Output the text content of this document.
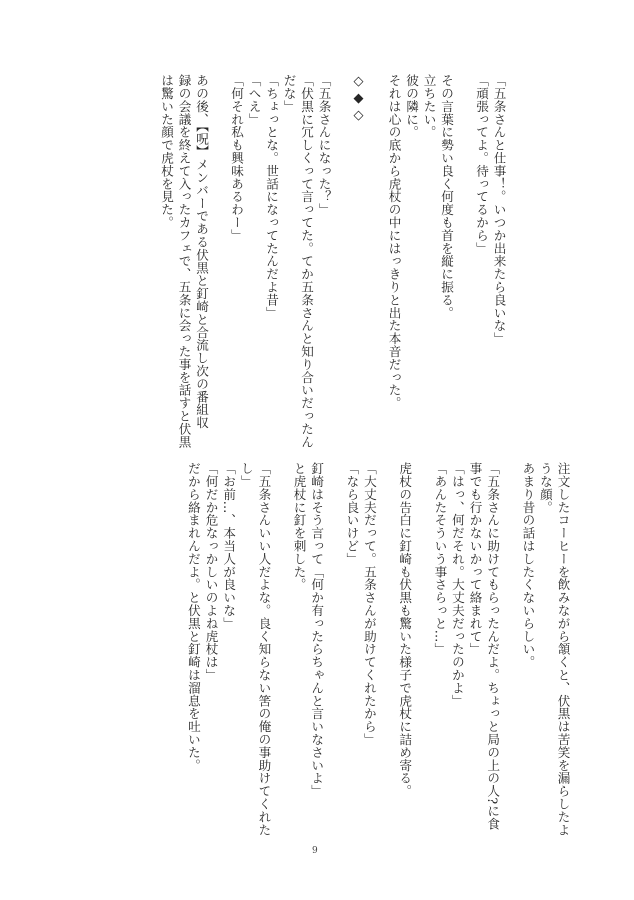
「五条さんと仕事！。いつか出来たら良いな」
「頑張ってよ。待ってるから」
その言葉に勢い良く何度も首を縦に振る。
立ちたい。
彼の隣に。
それは心の底から虎杖の中にはっきりと出た本音だった。
◇◆◇
「五条さんになった？」
「伏黒に冗しくって言ってた。てか五条さんと知り合いだったん
だな」
「ちょっとな。世話になってたんだよ昔」
「へえ」
「何それ私も興味あるわー」
あの後、【呪】メンバーである伏黒と釘崎と合流し次の番組収
録の会議を終えて入ったカフェで、五条に会った事を話すと伏黒
は驚いた顔で虎杖を見た。
注文したコーヒーを飲みながら頷くと、伏黒は苦笑を漏らしたよ
うな顔。
あまり昔の話はしたくないらしい。
「五条さんに助けてもらったんだよ。ちょっと局の上の人?に食
事でも行かないかって絡まれて」
「はっ、何だそれ。大丈夫だったのかよ」
「あんたそういう事さらっと…」
虎杖の告白に釘崎も伏黒も驚いた様子で虎杖に詰め寄る。
「大丈夫だって。五条さんが助けてくれたから」
「なら良いけど」
釘崎はそう言って「何か有ったらちゃんと言いなさいよ」
と虎杖に釘を刺した。
「五条さんいい人だよな。良く知らない筈の俺の事助けてくれた
し」
「お前…、本当人が良いな」
「何だか危なっかしいのよね虎杖は」
だから絡まれんだよ。と伏黒と釘崎は溜息を吐いた。
9
